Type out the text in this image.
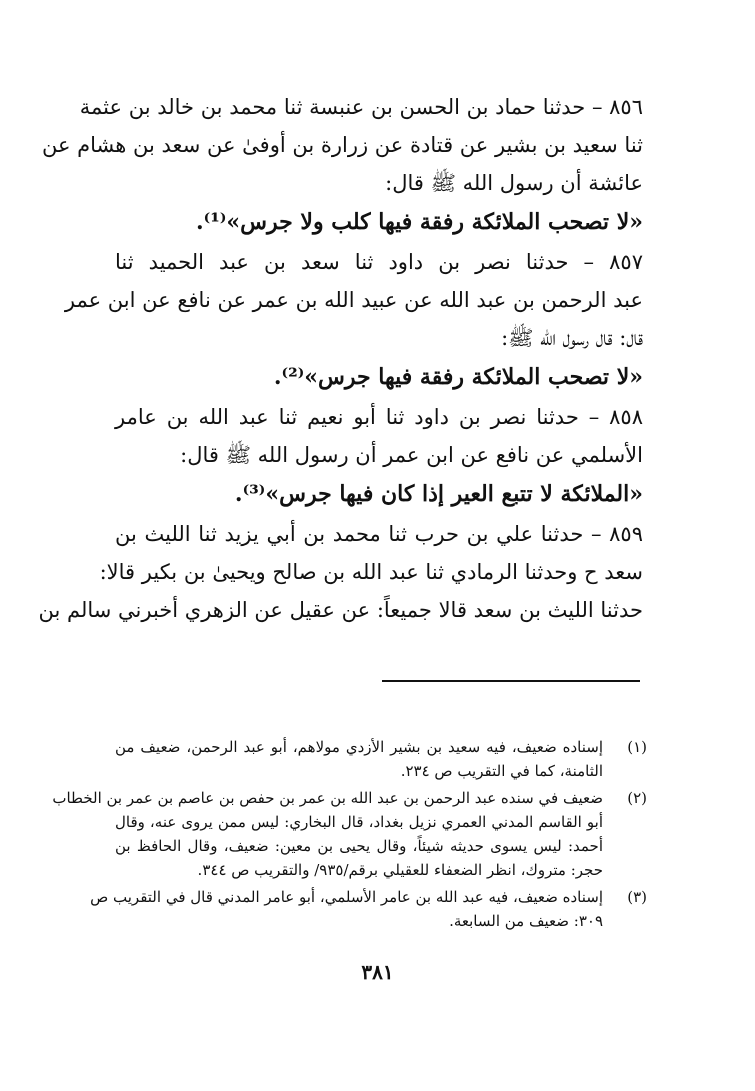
٨٥٦ – حدثنا حماد بن الحسن بن عنبسة ثنا محمد بن خالد بن عثمة
ثنا سعيد بن بشير عن قتادة عن زرارة بن أوفىٰ عن سعد بن هشام عن
عائشة أن رسول الله ﷺ قال:
«لا تصحب الملائكة رفقة فيها كلب ولا جرس»⁽¹⁾.
٨٥٧ – حدثنا نصر بن داود ثنا سعد بن عبد الحميد ثنا
عبد الرحمن بن عبد الله عن عبيد الله بن عمر عن نافع عن ابن عمر
قال: قال رسول الله ﷺ:
«لا تصحب الملائكة رفقة فيها جرس»⁽²⁾.
٨٥٨ – حدثنا نصر بن داود ثنا أبو نعيم ثنا عبد الله بن عامر
الأسلمي عن نافع عن ابن عمر أن رسول الله ﷺ قال:
«الملائكة لا تتبع العير إذا كان فيها جرس»⁽³⁾.
٨٥٩ – حدثنا علي بن حرب ثنا محمد بن أبي يزيد ثنا الليث بن
سعد ح وحدثنا الرمادي ثنا عبد الله بن صالح ويحيىٰ بن بكير قالا:
حدثنا الليث بن سعد قالا جميعاً: عن عقيل عن الزهري أخبرني سالم بن
(١)
إسناده ضعيف، فيه سعيد بن بشير الأزدي مولاهم، أبو عبد الرحمن، ضعيف من
الثامنة، كما في التقريب ص ٢٣٤.
(٢)
ضعيف في سنده عبد الرحمن بن عبد الله بن عمر بن حفص بن عاصم بن عمر بن الخطاب
أبو القاسم المدني العمري نزيل بغداد، قال البخاري: ليس ممن يروى عنه، وقال
أحمد: ليس يسوى حديثه شيئاً، وقال يحيى بن معين: ضعيف، وقال الحافظ بن
حجر: متروك، انظر الضعفاء للعقيلي برقم/٩٣٥/ والتقريب ص ٣٤٤.
(٣)
إسناده ضعيف، فيه عبد الله بن عامر الأسلمي، أبو عامر المدني قال في التقريب ص
٣٠٩: ضعيف من السابعة.
٣٨١
